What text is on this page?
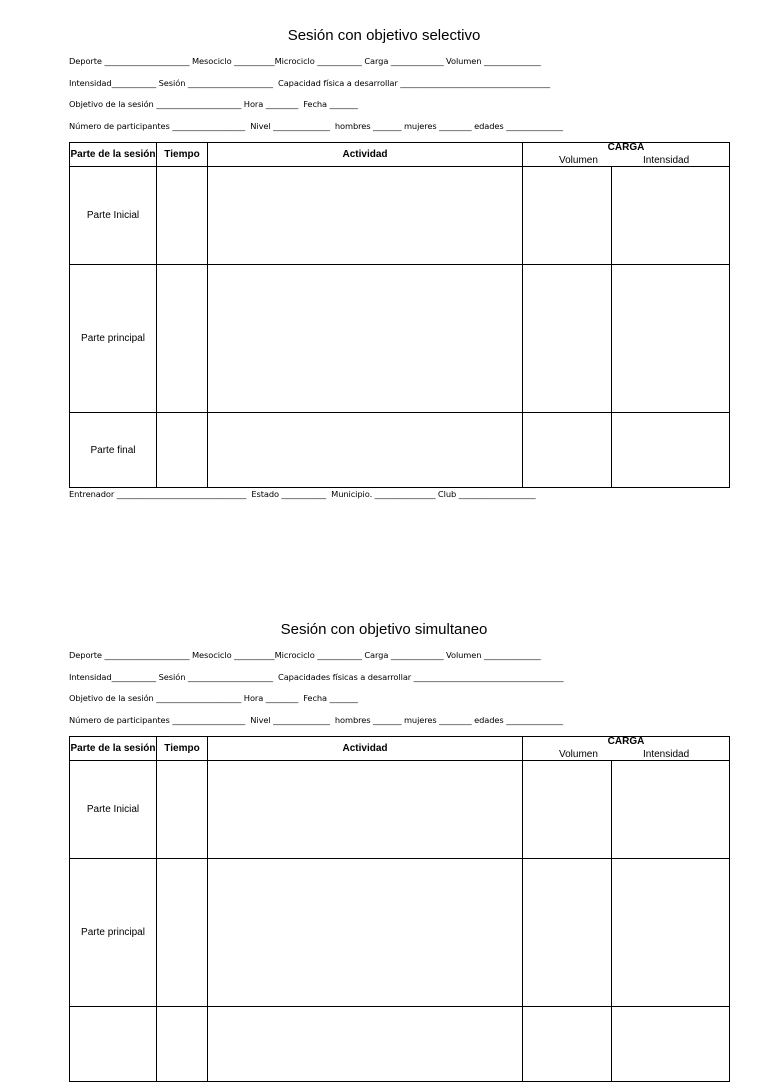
Sesión con objetivo selectivo
Deporte _____________________ Mesociclo __________Microciclo ___________ Carga _____________ Volumen ______________
Intensidad___________ Sesión _____________________  Capacidad física a desarrollar _____________________________________
Objetivo de la sesión _____________________ Hora ________  Fecha _______
Número de participantes __________________  Nivel ______________  hombres _______ mujeres ________ edades ______________
Parte de la sesión	Tiempo	Actividad	CARGA
Volumen Intensidad	

Parte Inicial				
Parte principal				
Parte final				
Entrenador ________________________________  Estado ___________  Municipio. _______________ Club ___________________
Sesión con objetivo simultaneo
Deporte _____________________ Mesociclo __________Microciclo ___________ Carga _____________ Volumen ______________
Intensidad___________ Sesión _____________________  Capacidades físicas a desarrollar _____________________________________
Objetivo de la sesión _____________________ Hora ________  Fecha _______
Número de participantes __________________  Nivel ______________  hombres _______ mujeres ________ edades ______________
Parte de la sesión	Tiempo	Actividad	CARGA
Volumen Intensidad	

Parte Inicial				
Parte principal				
